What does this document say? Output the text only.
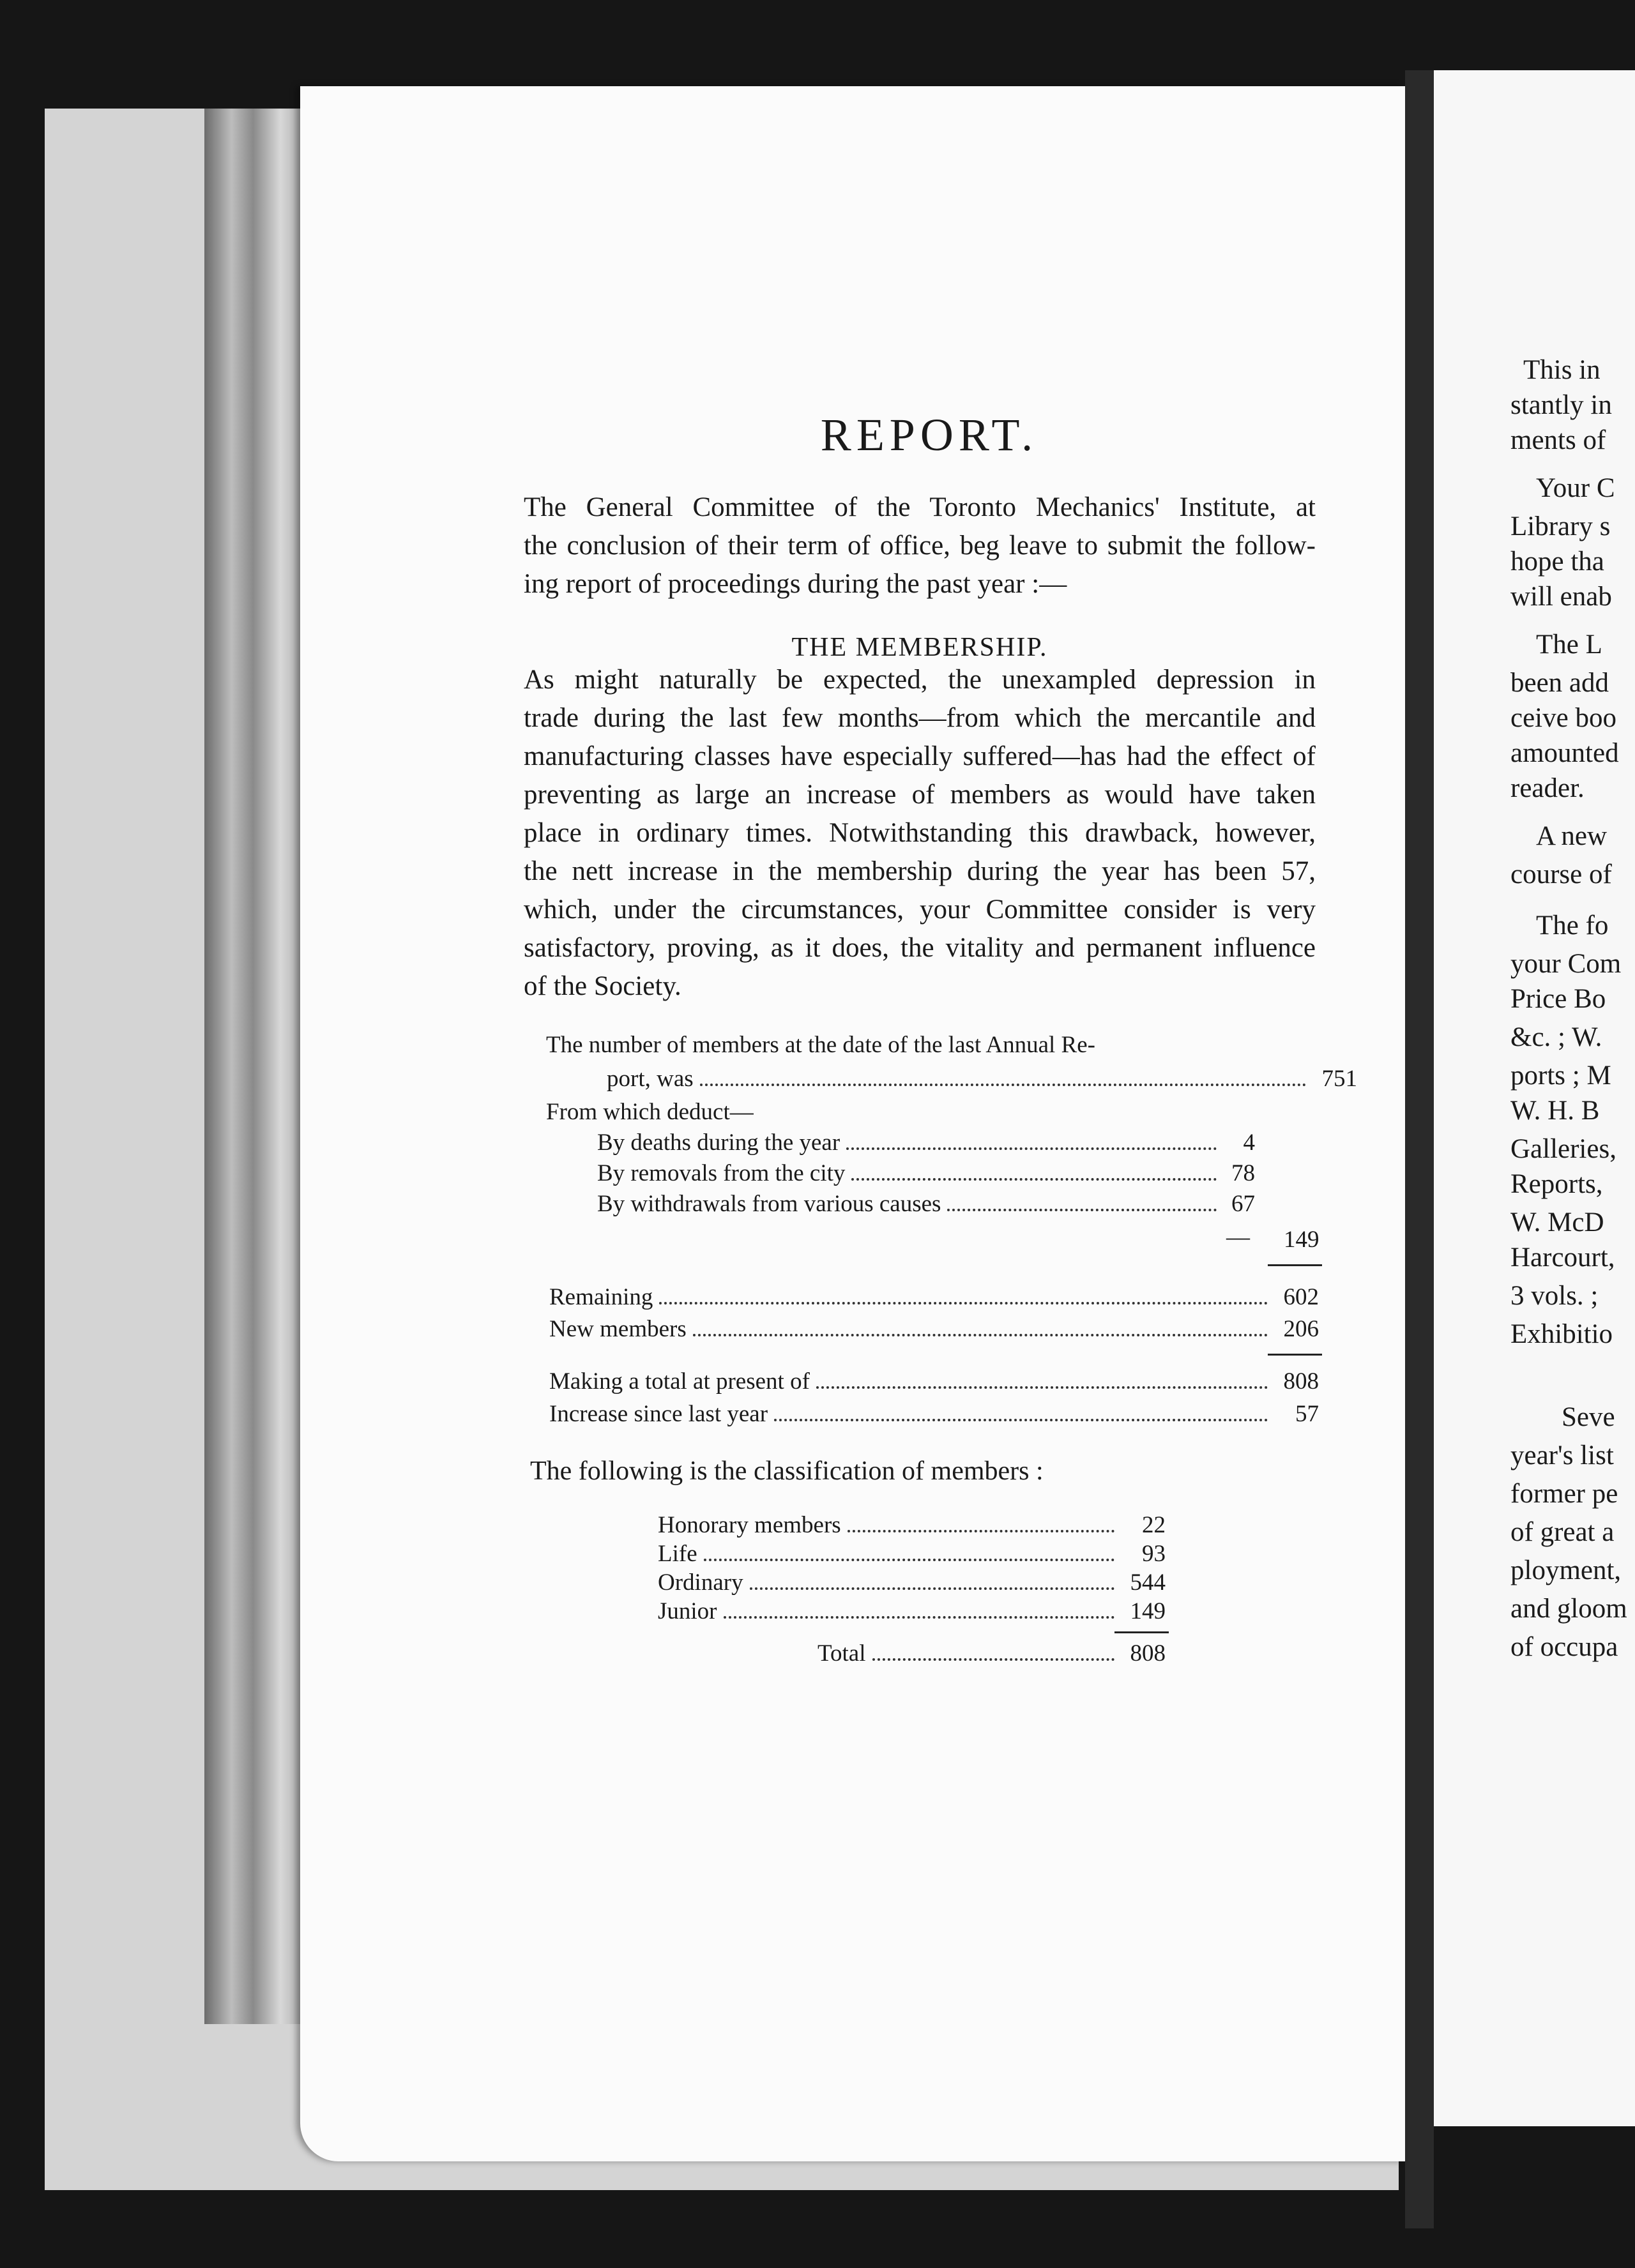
This in
stantly in
ments of
Your C
Library s
hope tha
will enab
The L
been add
ceive boo
amounted
reader.
A new
course of
The fo
your Com
Price Bo
&c. ; W.
ports ; M
W. H. B
Galleries,
Reports,
W. McD
Harcourt,
3 vols. ;
Exhibitio
Seve
year's list
former pe
of great a
ployment,
and gloom
of occupa
REPORT.
The General Committee of the Toronto Mechanics' Institute, at
the conclusion of their term of office, beg leave to submit the follow-
ing report of proceedings during the past year :—
THE MEMBERSHIP.
As might naturally be expected, the unexampled depression in
trade during the last few months—from which the mercantile and
manufacturing classes have especially suffered—has had the effect of
preventing as large an increase of members as would have taken
place in ordinary times. Notwithstanding this drawback, however,
the nett increase in the membership during the year has been 57,
which, under the circumstances, your Committee consider is very
satisfactory, proving, as it does, the vitality and permanent influence
of the Society.
The number of members at the date of the last Annual Re-
port, was	751
From which deduct—
By deaths during the year	4
By removals from the city	78
By withdrawals from various causes	67
— 149
Remaining	602
New members	206
Making a total at present of	808
Increase since last year	57
The following is the classification of members :
Honorary members	22
Life	93
Ordinary	544
Junior	149
Total	808
